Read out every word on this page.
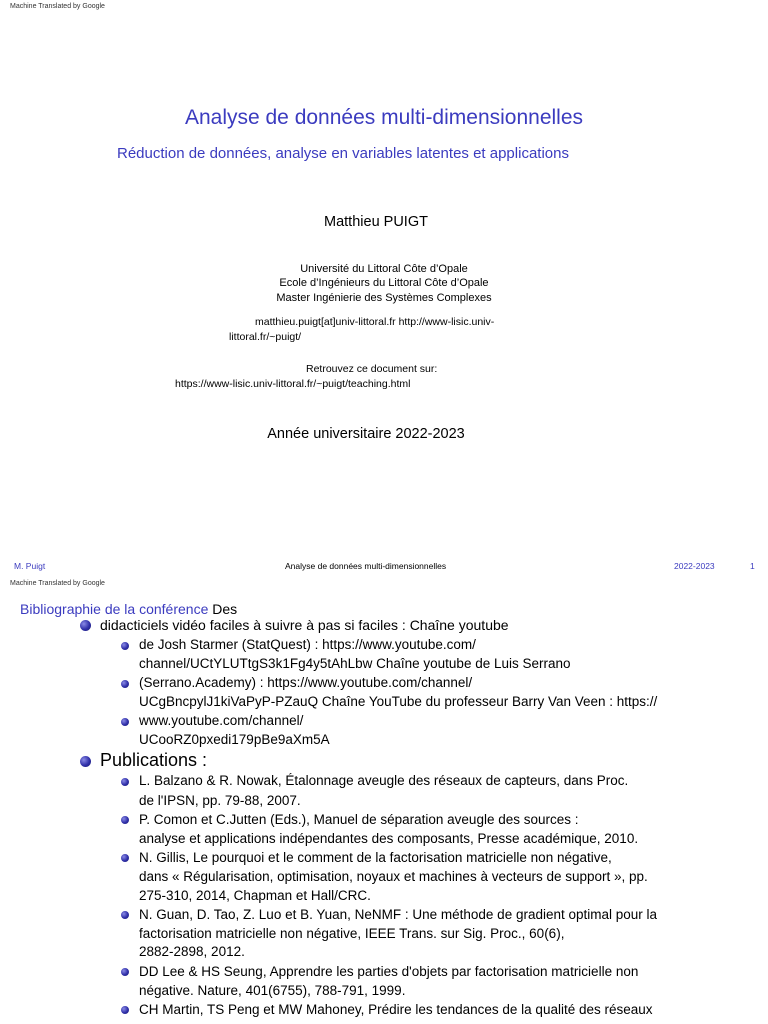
Machine Translated by Google
Analyse de données multi-dimensionnelles
Réduction de données, analyse en variables latentes et applications
Matthieu PUIGT
Université du Littoral Côte d’Opale
Ecole d’Ingénieurs du Littoral Côte d’Opale
Master Ingénierie des Systèmes Complexes
matthieu.puigt[at]univ-littoral.fr http://www-lisic.univ-
littoral.fr/~puigt/
Retrouvez ce document sur:
https://www-lisic.univ-littoral.fr/~puigt/teaching.html
Année universitaire 2022-2023
M. Puigt	Analyse de données multi-dimensionnelles	2022-2023	1
Machine Translated by Google
Bibliographie de la conférence Des
didacticiels vidéo faciles à suivre à pas si faciles : Chaîne youtube
de Josh Starmer (StatQuest) : https://www.youtube.com/
channel/UCtYLUTtgS3k1Fg4y5tAhLbw Chaîne youtube de Luis Serrano
(Serrano.Academy) : https://www.youtube.com/channel/
UCgBncpylJ1kiVaPyP-PZauQ Chaîne YouTube du professeur Barry Van Veen : https://
www.youtube.com/channel/
UCooRZ0pxedi179pBe9aXm5A
Publications :
L. Balzano & R. Nowak, Étalonnage aveugle des réseaux de capteurs, dans Proc.
de l'IPSN, pp. 79-88, 2007.
P. Comon et C.Jutten (Eds.), Manuel de séparation aveugle des sources :
analyse et applications indépendantes des composants, Presse académique, 2010.
N. Gillis, Le pourquoi et le comment de la factorisation matricielle non négative,
dans « Régularisation, optimisation, noyaux et machines à vecteurs de support », pp.
275-310, 2014, Chapman et Hall/CRC.
N. Guan, D. Tao, Z. Luo et B. Yuan, NeNMF : Une méthode de gradient optimal pour la
factorisation matricielle non négative, IEEE Trans. sur Sig. Proc., 60(6),
2882-2898, 2012.
DD Lee & HS Seung, Apprendre les parties d'objets par factorisation matricielle non
négative. Nature, 401(6755), 788-791, 1999.
CH Martin, TS Peng et MW Mahoney, Prédire les tendances de la qualité des réseaux
